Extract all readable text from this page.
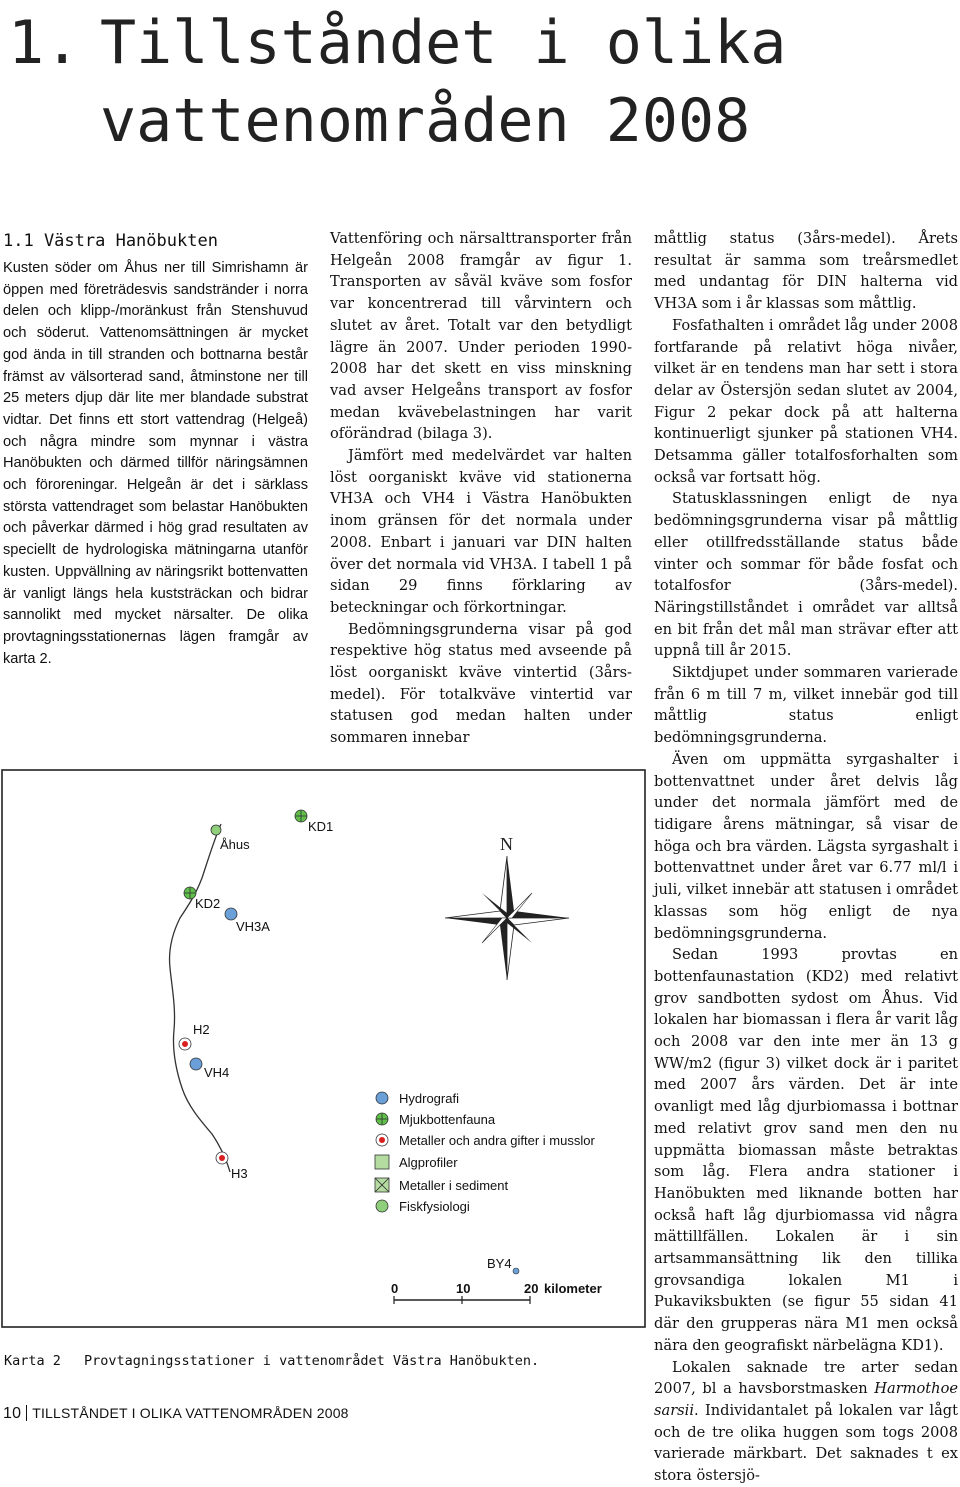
1. Tillståndet i olika
vattenområden 2008
1.1 Västra Hanöbukten

Kusten söder om Åhus ner till Simrishamn är öppen med företrädesvis sandstränder i norra delen och klipp-/moränkust från Stenshuvud och söderut. Vattenomsättningen är mycket god ända in till stranden och bottnarna består främst av välsorterad sand, åtminstone ner till 25 meters djup där lite mer blandade substrat vidtar. Det finns ett stort vattendrag (Helgeå) och några mindre som mynnar i västra Hanöbukten och därmed tillför näringsämnen och föroreningar. Helgeån är det i särklass största vattendraget som belastar Hanöbukten och påverkar därmed i hög grad resultaten av speciellt de hydrologiska mätningarna utanför kusten. Uppvällning av näringsrikt bottenvatten är vanligt längs hela kuststräckan och bidrar sannolikt med mycket närsalter. De olika provtagningsstationernas lägen framgår av karta 2.

Vattenföring och närsalttransporter från Helgeån 2008 framgår av figur 1. Transporten av såväl kväve som fosfor var koncentrerad till vårvintern och slutet av året. Totalt var den betydligt lägre än 2007. Under perioden 1990-2008 har det skett en viss minskning vad avser Helgeåns transport av fosfor medan kvävebelastningen har varit oförändrad (bilaga 3).

Jämfört med medelvärdet var halten löst oorganiskt kväve vid stationerna VH3A och VH4 i Västra Hanöbukten inom gränsen för det normala under 2008. Enbart i januari var DIN halten över det normala vid VH3A. I tabell 1 på sidan 29 finns förklaring av beteckningar och förkortningar.

Bedömningsgrunderna visar på god respektive hög status med avseende på löst oorganiskt kväve vintertid (3års-medel). För totalkväve vintertid var statusen god medan halten under sommaren innebar

måttlig status (3års-medel). Årets resultat är samma som treårsmedlet med undantag för DIN halterna vid VH3A som i år klassas som måttlig.

Fosfathalten i området låg under 2008 fortfarande på relativt höga nivåer, vilket är en tendens man har sett i stora delar av Östersjön sedan slutet av 2004, Figur 2 pekar dock på att halterna kontinuerligt sjunker på stationen VH4. Detsamma gäller totalfosforhalten som också var fortsatt hög.

Statusklassningen enligt de nya bedömningsgrunderna visar på måttlig eller otillfredsställande status både vinter och sommar för både fosfat och totalfosfor (3års-medel). Näringstillståndet i området var alltså en bit från det mål man strävar efter att uppnå till år 2015.

Siktdjupet under sommaren varierade från 6 m till 7 m, vilket innebär god till måttlig status enligt bedömningsgrunderna.

Även om uppmätta syrgashalter i bottenvattnet under året delvis låg under det normala jämfört med de tidigare årens mätningar, så visar de höga och bra värden. Lägsta syrgashalt i bottenvattnet under året var 6.77 ml/l i juli, vilket innebär att statusen i området klassas som hög enligt de nya bedömningsgrunderna.

Sedan 1993 provtas en bottenfaunastation (KD2) med relativt grov sandbotten sydost om Åhus. Vid lokalen har biomassan i flera år varit låg och 2008 var den inte mer än 13 g WW/m2 (figur 3) vilket dock är i paritet med 2007 års värden. Det är inte ovanligt med låg djurbiomassa i bottnar med relativt grov sand men den nu uppmätta biomassan måste betraktas som låg. Flera andra stationer i Hanöbukten med liknande botten har också haft låg djurbiomassa vid några mättillfällen. Lokalen är i sin artsammansättning lik den tillika grovsandiga lokalen M1 i Pukaviksbukten (se figur 55 sidan 41 där den grupperas nära M1 men också nära den geografiskt närbelägna KD1).

Lokalen saknade tre arter sedan 2007, bl a havsborstmasken Harmothoe sarsii. Individantalet på lokalen var lågt och de tre olika huggen som togs 2008 varierade märkbart. Det saknades t ex stora östersjö-

Åhus
KD1
KD2
VH3A
H2
VH4
H3
BY4
N
Hydrografi
Mjukbottenfauna
Metaller och andra gifter i musslor
Algprofiler
Metaller i sediment
Fiskfysiologi
0	10	20 kilometer
Karta 2 Provtagningsstationer i vattenområdet Västra Hanöbukten.
10 TILLSTÅNDET I OLIKA VATTENOMRÅDEN 2008
